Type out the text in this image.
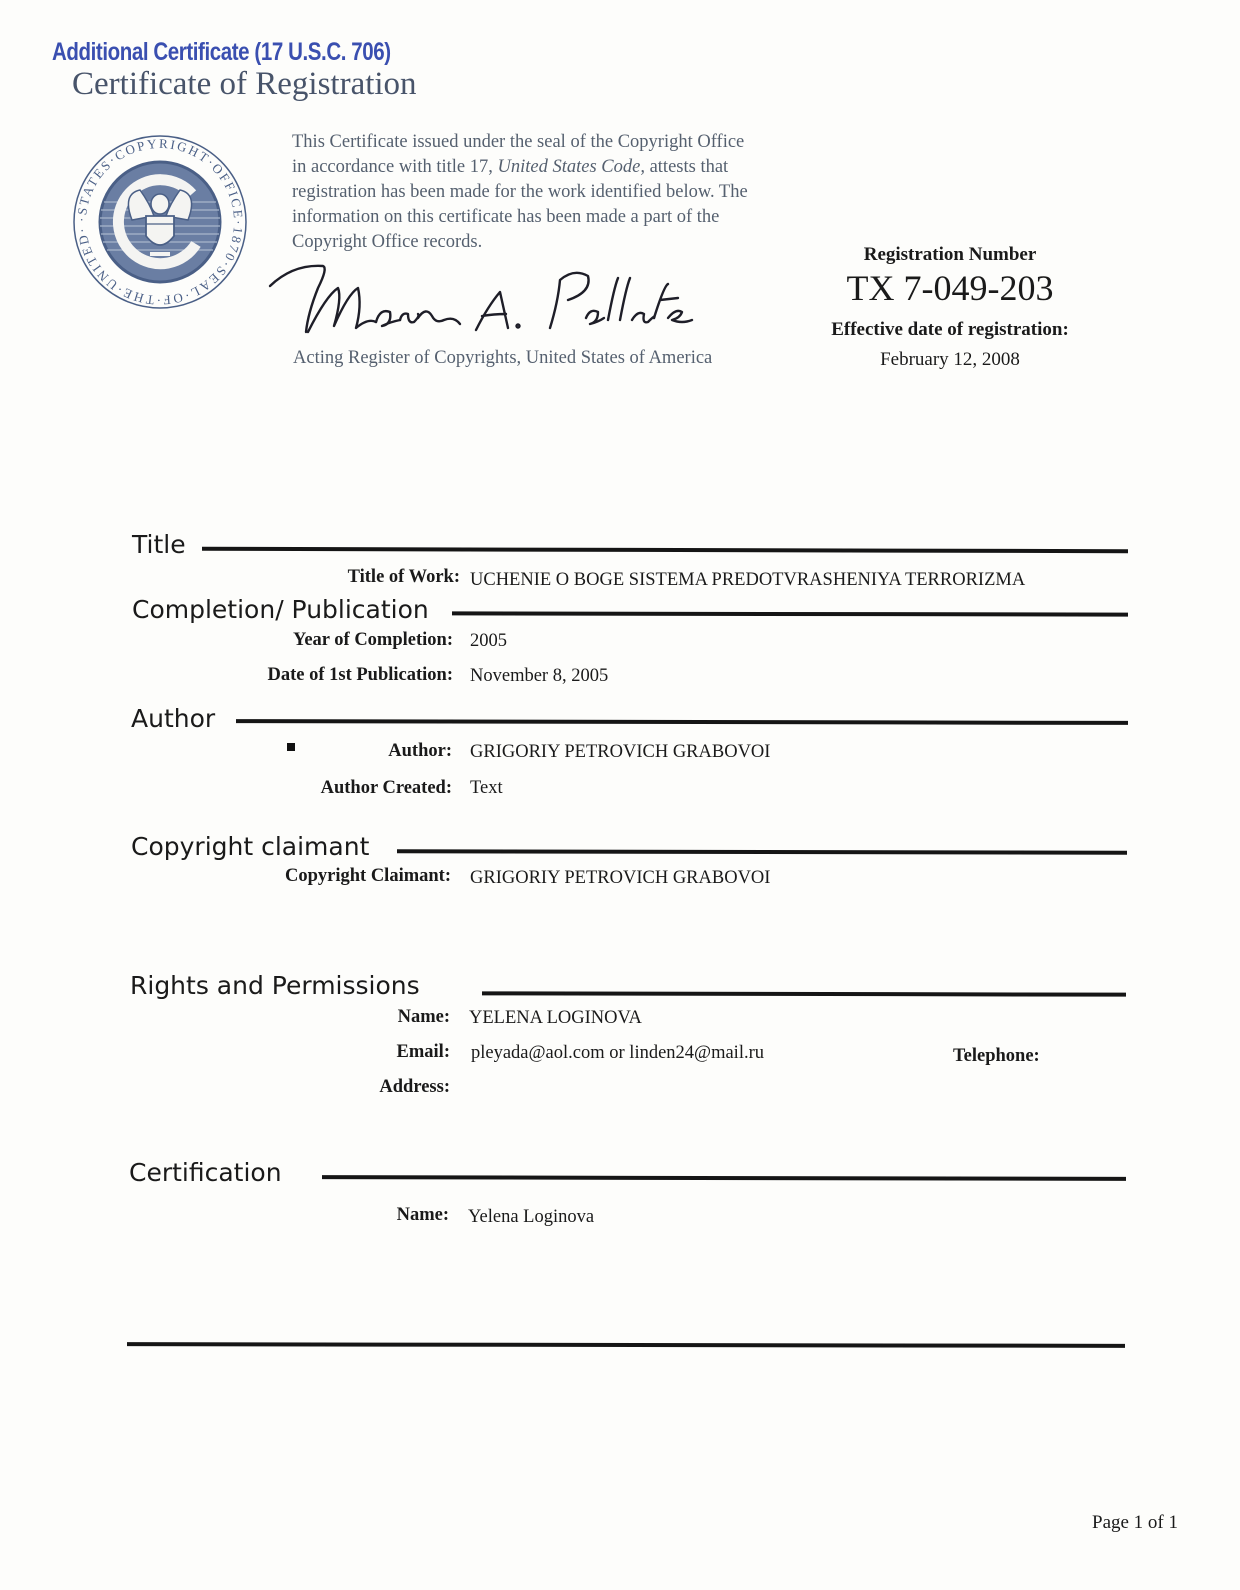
Additional Certificate (17 U.S.C. 706)
Certificate of Registration
·STATES·COPYRIGHT·OFFICE·1870·SEAL·OF·THE·UNITED·
This Certificate issued under the seal of the Copyright Office in accordance with title 17, United States Code, attests that registration has been made for the work identified below. The information on this certificate has been made a part of the Copyright Office records.
Acting Register of Copyrights, United States of America
Registration Number
TX 7-049-203
Effective date of registration:
February 12, 2008
Title
Title of Work: UCHENIE O BOGE SISTEMA PREDOTVRASHENIYA TERRORIZMA
Completion/ Publication
Year of Completion: 2005
Date of 1st Publication: November 8, 2005
Author
Author: GRIGORIY PETROVICH GRABOVOI
Author Created: Text
Copyright claimant
Copyright Claimant: GRIGORIY PETROVICH GRABOVOI
Rights and Permissions
Name: YELENA LOGINOVA
Email: pleyada@aol.com or linden24@mail.ru	Telephone:
Address:
Certification
Name: Yelena Loginova
Page 1 of 1
